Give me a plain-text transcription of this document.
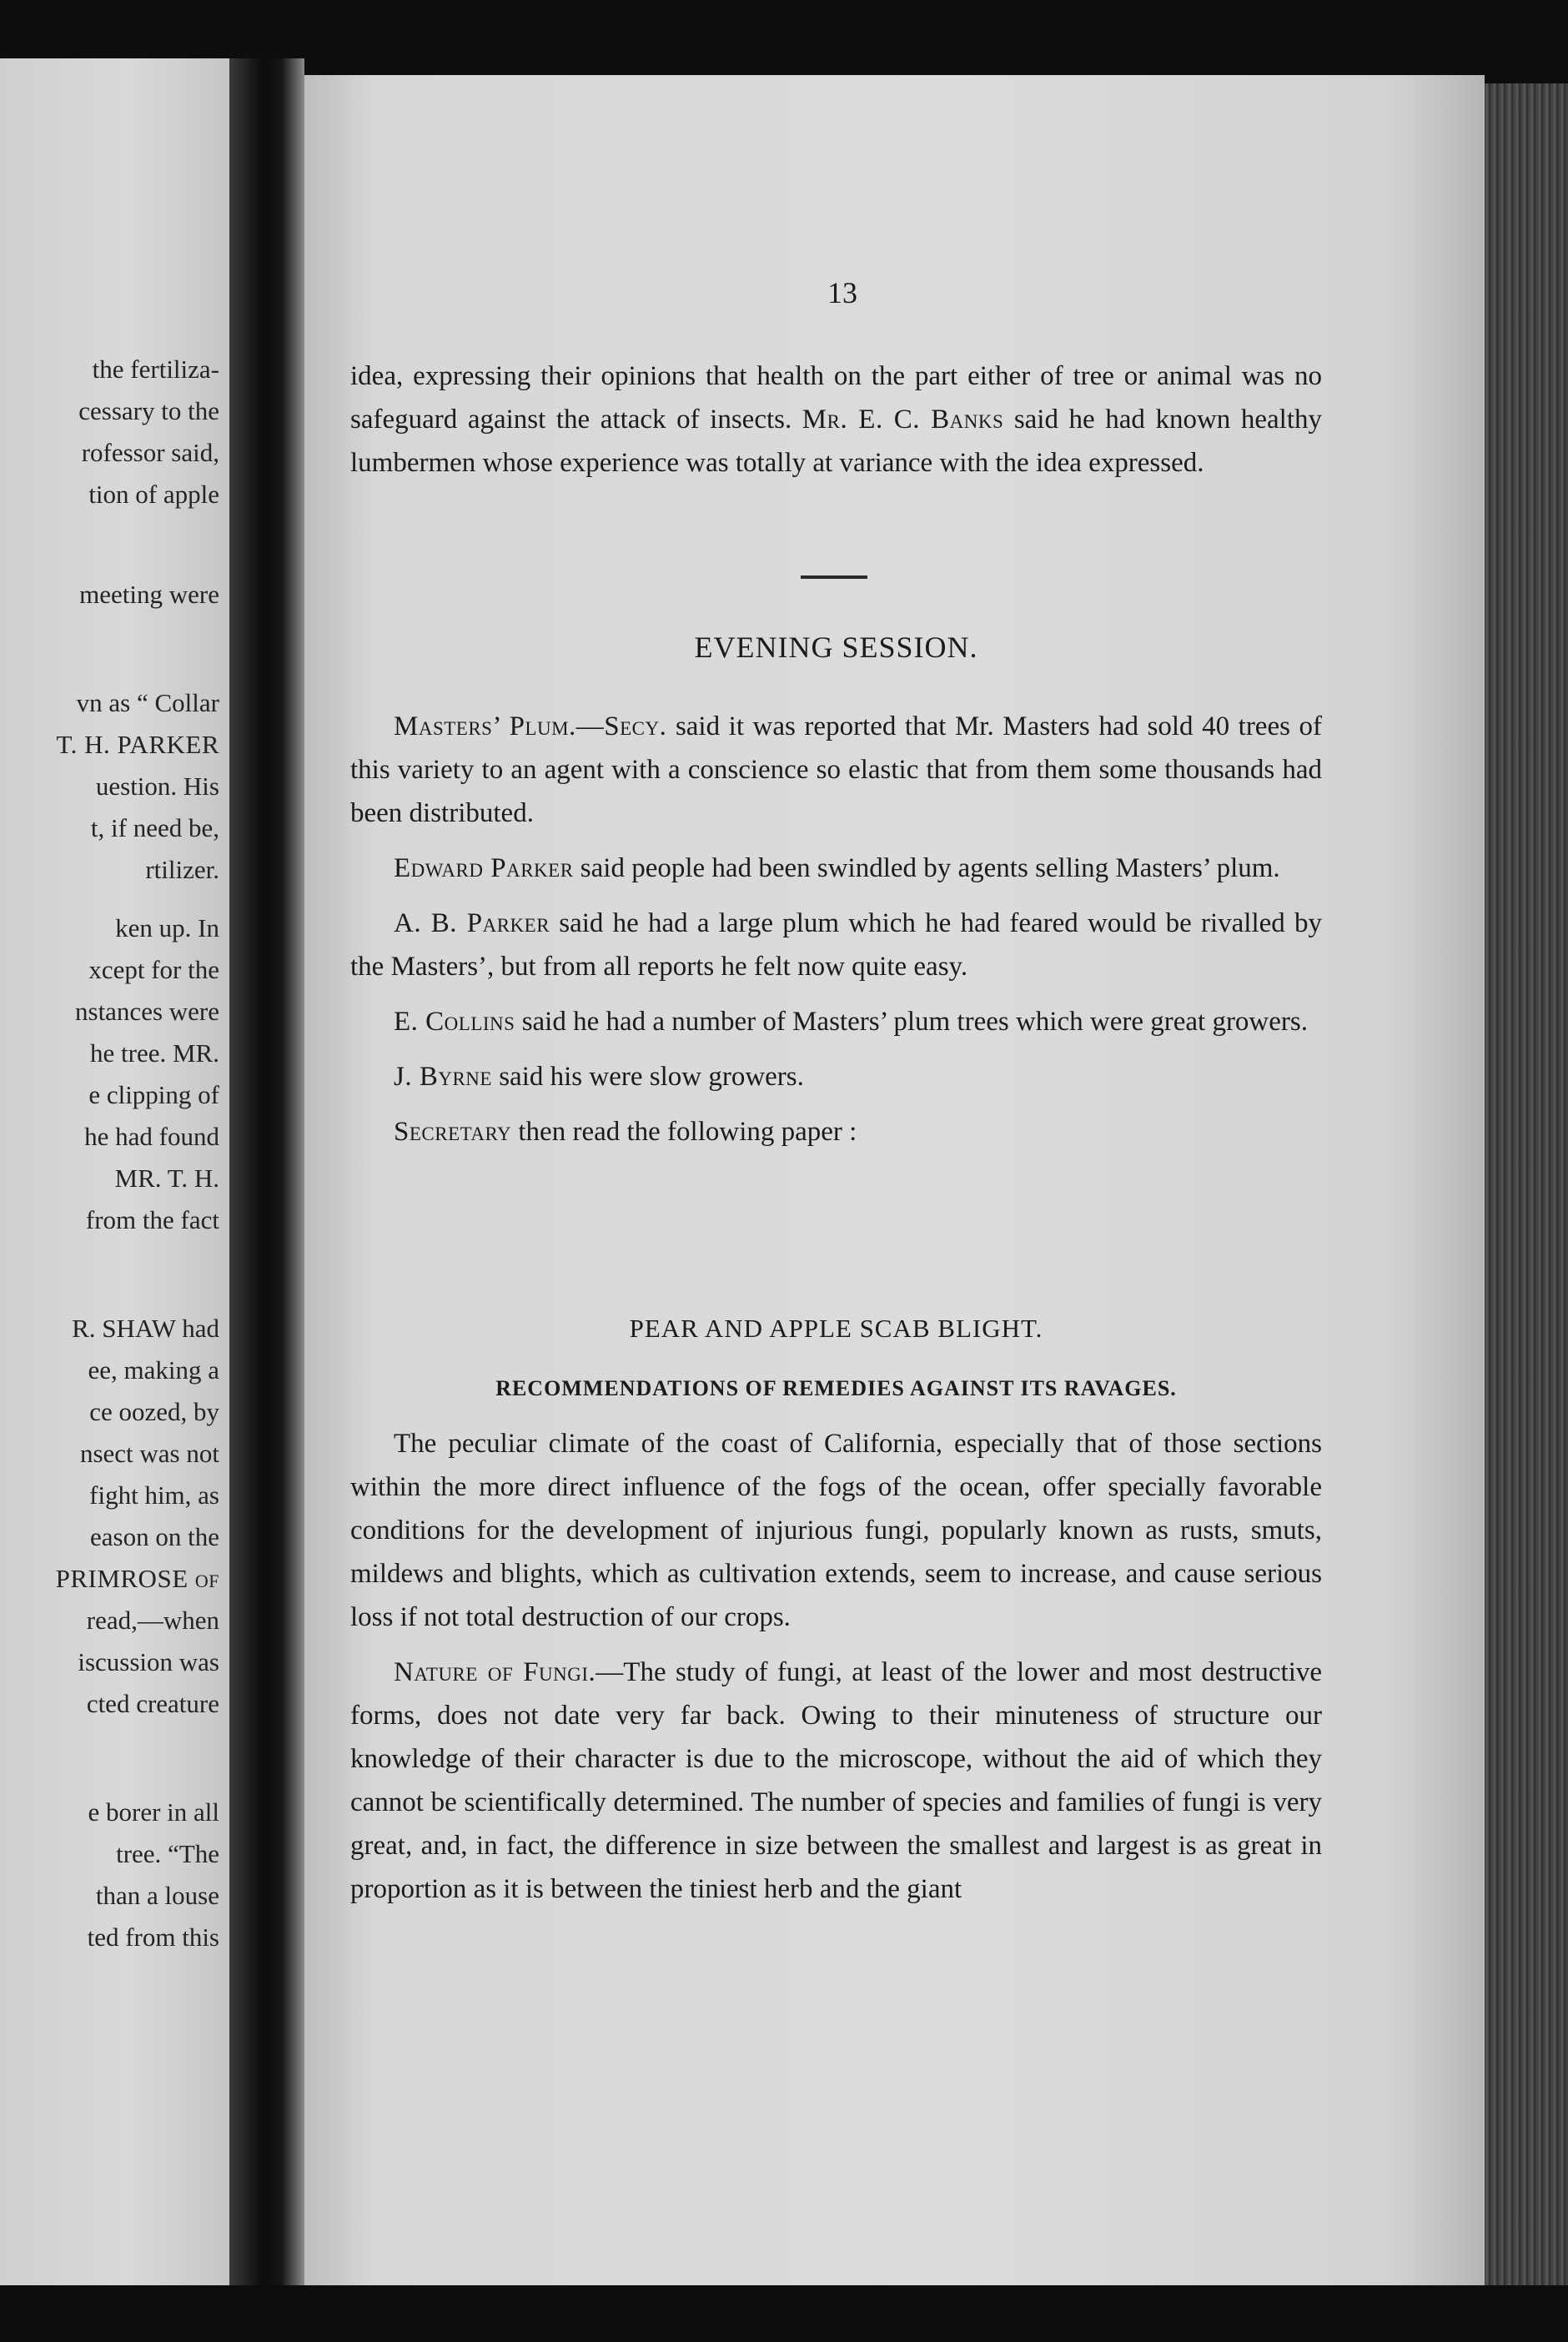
the fertiliza-
cessary to the
rofessor said,
tion of apple
meeting were
vn as “ Collar
T. H. PARKER
uestion. His
t, if need be,
rtilizer.
ken up. In
xcept for the
nstances were
he tree. MR.
e clipping of
he had found
MR. T. H.
from the fact
R. SHAW had
ee, making a
ce oozed, by
nsect was not
fight him, as
eason on the
PRIMROSE of
read,—when
iscussion was
cted creature
e borer in all
tree. “The
than a louse
ted from this
13

idea, expressing their opinions that health on the part either of tree or animal was no safeguard against the attack of insects. Mr. E. C. Banks said he had known healthy lumbermen whose experience was totally at variance with the idea expressed.

EVENING SESSION.

Masters’ Plum.—Secy. said it was reported that Mr. Masters had sold 40 trees of this variety to an agent with a conscience so elastic that from them some thousands had been distributed.

Edward Parker said people had been swindled by agents selling Masters’ plum.

A. B. Parker said he had a large plum which he had feared would be rivalled by the Masters’, but from all reports he felt now quite easy.

E. Collins said he had a number of Masters’ plum trees which were great growers.

J. Byrne said his were slow growers.

Secretary then read the following paper :

PEAR AND APPLE SCAB BLIGHT.
RECOMMENDATIONS OF REMEDIES AGAINST ITS RAVAGES.

The peculiar climate of the coast of California, especially that of those sections within the more direct influence of the fogs of the ocean, offer specially favorable conditions for the development of injurious fungi, popularly known as rusts, smuts, mildews and blights, which as cultivation extends, seem to increase, and cause serious loss if not total destruction of our crops.

Nature of Fungi.—The study of fungi, at least of the lower and most destructive forms, does not date very far back. Owing to their minuteness of structure our knowledge of their character is due to the microscope, without the aid of which they cannot be scientifically determined. The number of species and families of fungi is very great, and, in fact, the difference in size between the smallest and largest is as great in proportion as it is between the tiniest herb and the giant
